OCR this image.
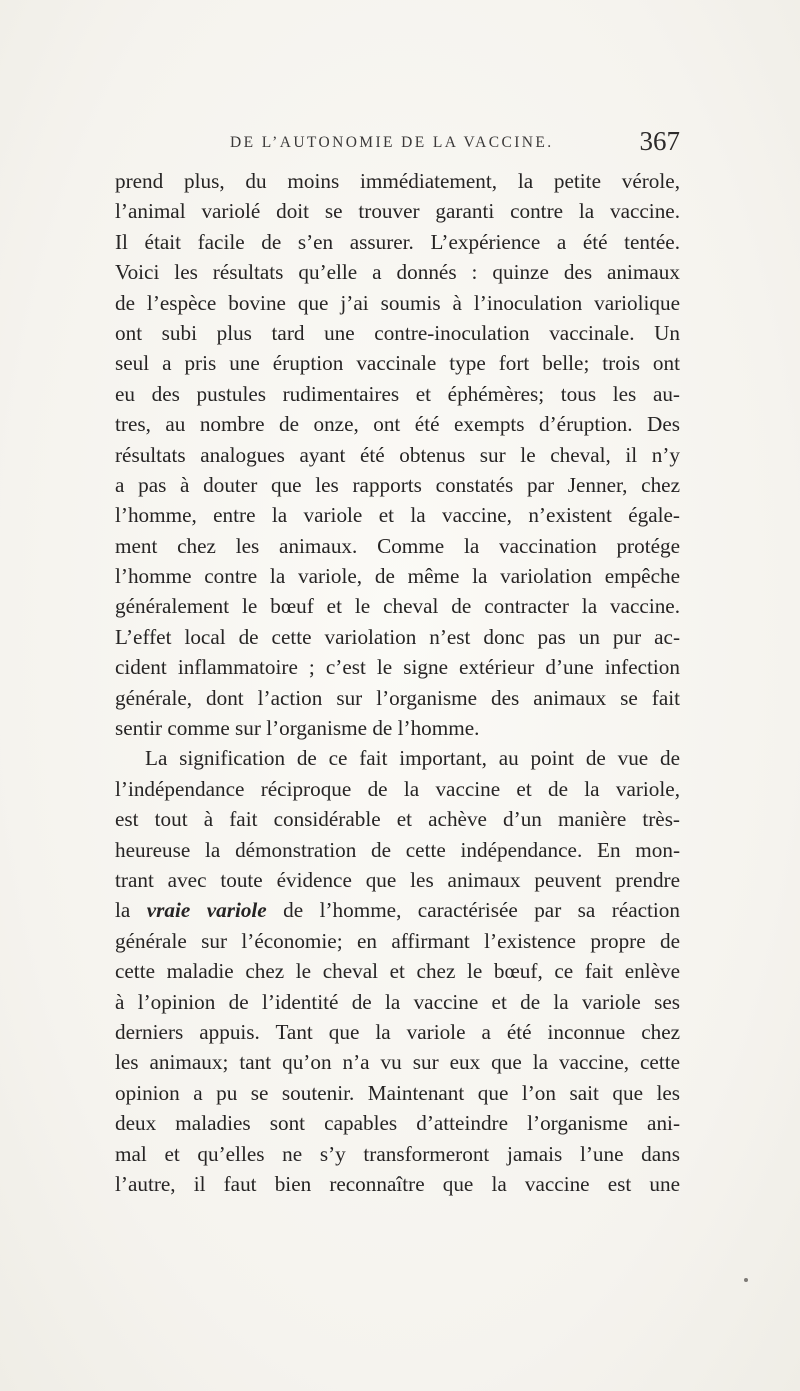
DE L’AUTONOMIE DE LA VACCINE.	367
prend plus, du moins immédiatement, la petite vérole,
l’animal variolé doit se trouver garanti contre la vaccine.
Il était facile de s’en assurer. L’expérience a été tentée.
Voici les résultats qu’elle a donnés : quinze des animaux
de l’espèce bovine que j’ai soumis à l’inoculation variolique
ont subi plus tard une contre-inoculation vaccinale. Un
seul a pris une éruption vaccinale type fort belle; trois ont
eu des pustules rudimentaires et éphémères; tous les au-
tres, au nombre de onze, ont été exempts d’éruption. Des
résultats analogues ayant été obtenus sur le cheval, il n’y
a pas à douter que les rapports constatés par Jenner, chez
l’homme, entre la variole et la vaccine, n’existent égale-
ment chez les animaux. Comme la vaccination protége
l’homme contre la variole, de même la variolation empêche
généralement le bœuf et le cheval de contracter la vaccine.
L’effet local de cette variolation n’est donc pas un pur ac-
cident inflammatoire ; c’est le signe extérieur d’une infection
générale, dont l’action sur l’organisme des animaux se fait
sentir comme sur l’organisme de l’homme.
La signification de ce fait important, au point de vue de
l’indépendance réciproque de la vaccine et de la variole,
est tout à fait considérable et achève d’un manière très-
heureuse la démonstration de cette indépendance. En mon-
trant avec toute évidence que les animaux peuvent prendre
la vraie variole de l’homme, caractérisée par sa réaction
générale sur l’économie; en affirmant l’existence propre de
cette maladie chez le cheval et chez le bœuf, ce fait enlève
à l’opinion de l’identité de la vaccine et de la variole ses
derniers appuis. Tant que la variole a été inconnue chez
les animaux; tant qu’on n’a vu sur eux que la vaccine, cette
opinion a pu se soutenir. Maintenant que l’on sait que les
deux maladies sont capables d’atteindre l’organisme ani-
mal et qu’elles ne s’y transformeront jamais l’une dans
l’autre, il faut bien reconnaître que la vaccine est une
